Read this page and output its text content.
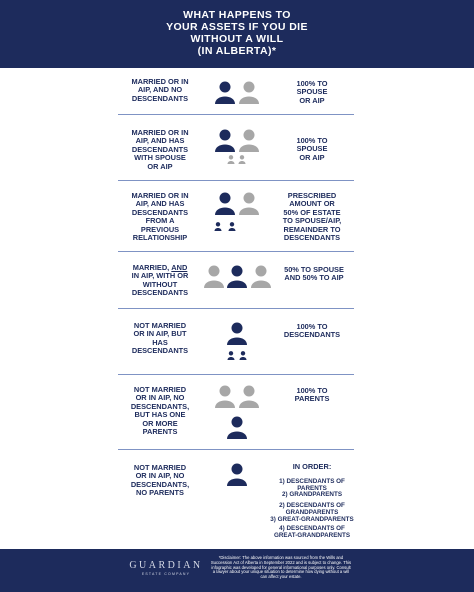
WHAT HAPPENS TO
YOUR ASSETS IF YOU DIE
WITHOUT A WILL
(IN ALBERTA)*
MARRIED OR IN
AIP, AND NO
DESCENDANTS
100% TO
SPOUSE
OR AIP
MARRIED OR IN
AIP, AND HAS
DESCENDANTS
WITH SPOUSE
OR AIP
100% TO
SPOUSE
OR AIP
MARRIED OR IN
AIP, AND HAS
DESCENDANTS
FROM A
PREVIOUS
RELATIONSHIP
PRESCRIBED
AMOUNT OR
50% OF ESTATE
TO SPOUSE/AIP,
REMAINDER TO
DESCENDANTS
MARRIED, AND
IN AIP, WITH OR
WITHOUT
DESCENDANTS
50% TO SPOUSE
AND 50% TO AIP
NOT MARRIED
OR IN AIP, BUT
HAS
DESCENDANTS
100% TO
DESCENDANTS
NOT MARRIED
OR IN AIP, NO
DESCENDANTS,
BUT HAS ONE
OR MORE
PARENTS
100% TO
PARENTS
NOT MARRIED
OR IN AIP, NO
DESCENDANTS,
NO PARENTS
IN ORDER:
1) DESCENDANTS OF
PARENTS
2) GRANDPARENTS
2) DESCENDANTS OF
GRANDPARENTS
3) GREAT-GRANDPARENTS
4) DESCENDANTS OF
GREAT-GRANDPARENTS
GUARDIAN
ESTATE COMPANY
*Disclaimer: The above information was sourced from the Wills and Succession Act of Alberta in September 2022 and is subject to change. This infographic was developed for general informational purposes only. Consult a lawyer about your unique situation to determine how dying without a will can affect your estate.
